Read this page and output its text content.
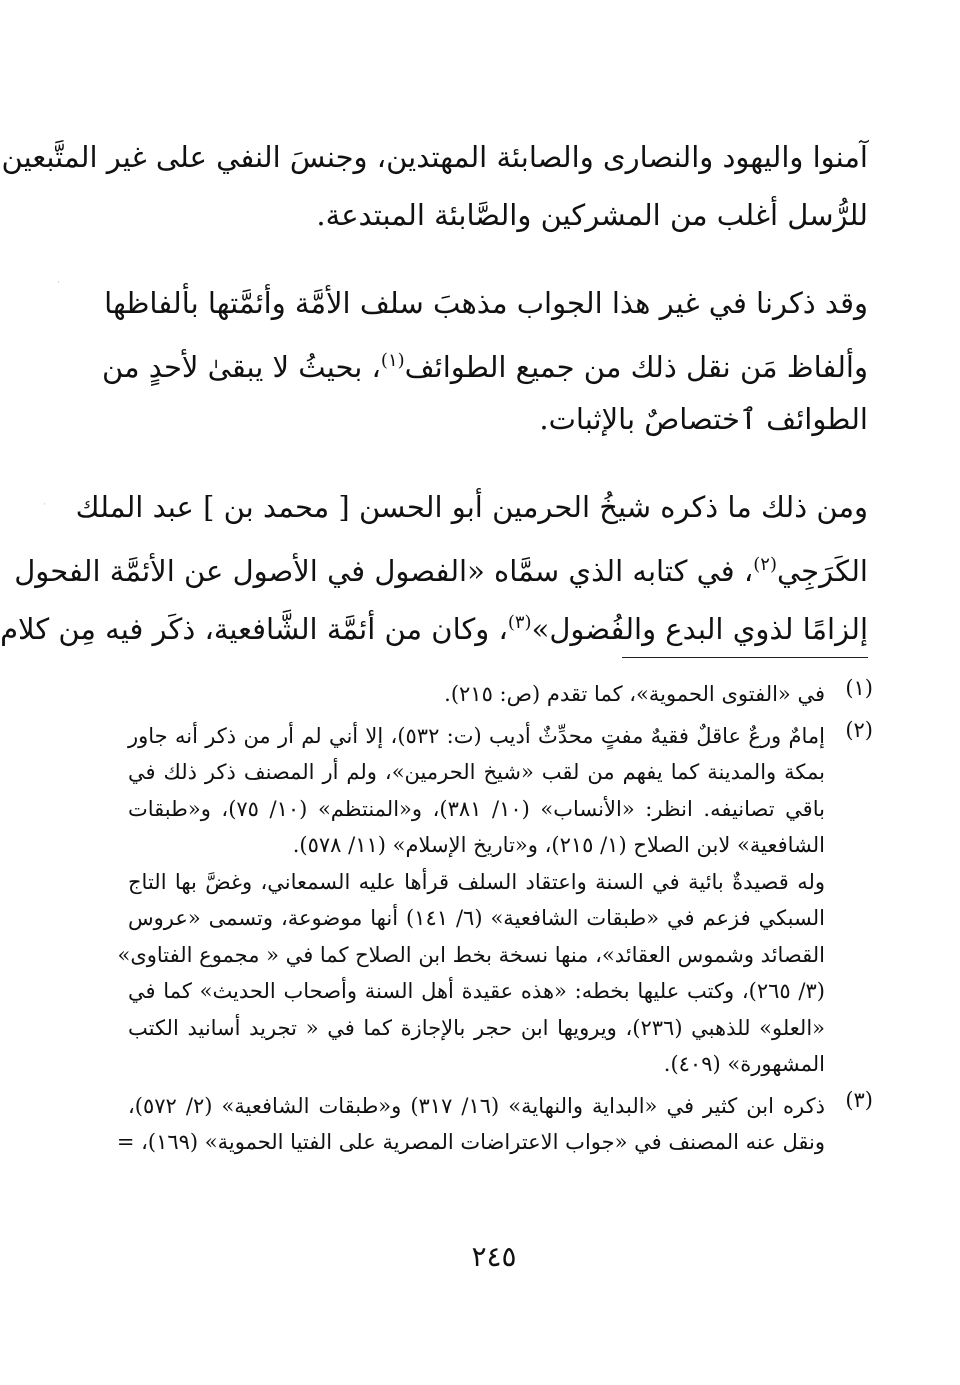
·
·
آمنوا واليهود والنصارى والصابئة المهتدين، وجنسَ النفي على غير المتَّبعين
للرُّسل أغلب من المشركين والصَّابئة المبتدعة.
وقد ذكرنا في غير هذا الجواب مذهبَ سلف الأمَّة وأئمَّتها بألفاظها
وألفاظ مَن نقل ذلك من جميع الطوائف$^{(١)}$، بحيثُ لا يبقىٰ لأحدٍ من
الطوائف ٱختصاصٌ بالإثبات.
ومن ذلك ما ذكره شيخُ الحرمين أبو الحسن [ محمد بن ] عبد الملك
الكَرَجِي$^{(٢)}$، في كتابه الذي سمَّاه «الفصول في الأصول عن الأئمَّة الفحول
إلزامًا لذوي البدع والفُضول»$^{(٣)}$، وكان من أئمَّة الشَّافعية، ذكَر فيه مِن كلام
(١)
في «الفتوى الحموية»، كما تقدم (ص: ٢١٥).
(٢)
إمامٌ ورعٌ عاقلٌ فقيهٌ مفتٍ محدِّثٌ أديب (ت: ٥٣٢)، إلا أني لم أر من ذكر أنه جاور
بمكة والمدينة كما يفهم من لقب «شيخ الحرمين»، ولم أر المصنف ذكر ذلك في
باقي تصانيفه. انظر: «الأنساب» (١٠/ ٣٨١)، و«المنتظم» (١٠/ ٧٥)، و«طبقات
الشافعية» لابن الصلاح (١/ ٢١٥)، و«تاريخ الإسلام» (١١/ ٥٧٨).
وله قصيدةٌ بائية في السنة واعتقاد السلف قرأها عليه السمعاني، وغضَّ بها التاج
السبكي فزعم في «طبقات الشافعية» (٦/ ١٤١) أنها موضوعة، وتسمى «عروس
القصائد وشموس العقائد»، منها نسخة بخط ابن الصلاح كما في « مجموع الفتاوى»
(٣/ ٢٦٥)، وكتب عليها بخطه: «هذه عقيدة أهل السنة وأصحاب الحديث» كما في
«العلو» للذهبي (٢٣٦)، ويرويها ابن حجر بالإجازة كما في « تجريد أسانيد الكتب
المشهورة» (٤٠٩).
(٣)
ذكره ابن كثير في «البداية والنهاية» (١٦/ ٣١٧) و«طبقات الشافعية» (٢/ ٥٧٢)،
ونقل عنه المصنف في «جواب الاعتراضات المصرية على الفتيا الحموية» (١٦٩)، =
٢٤٥
